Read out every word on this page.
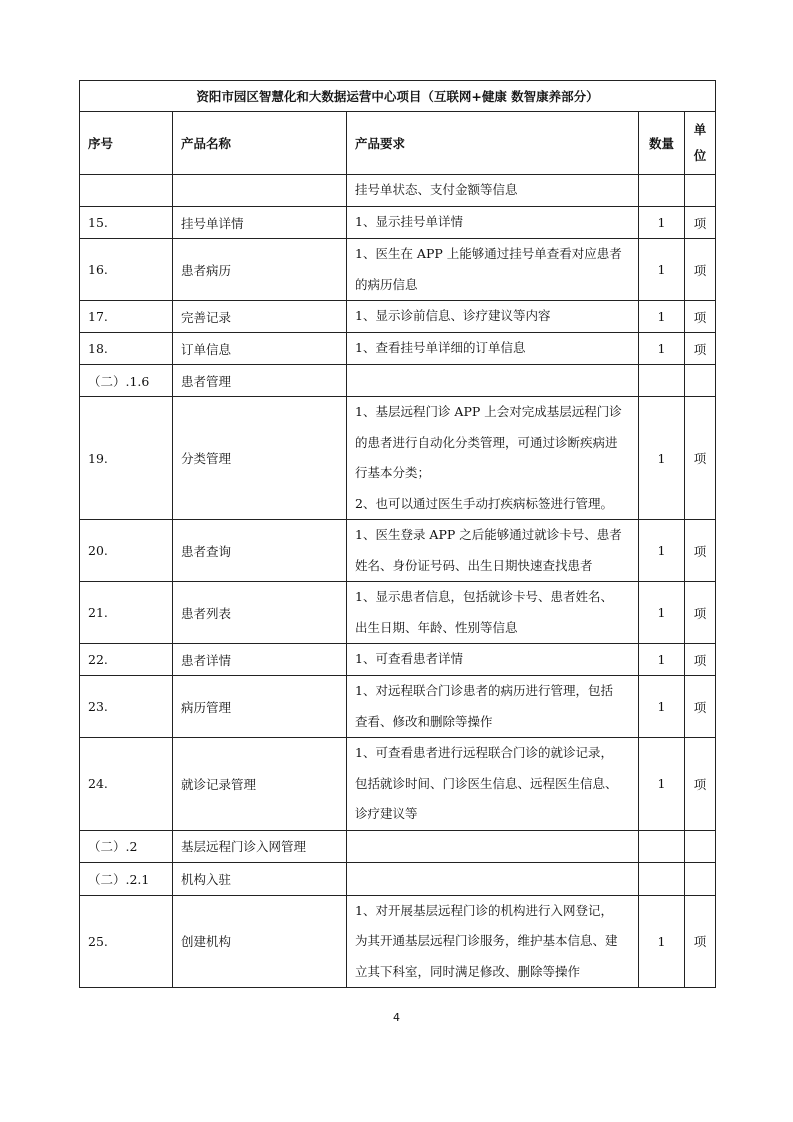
资阳市园区智慧化和大数据运营中心项目（互联网+健康 数智康养部分）				
序号	产品名称	产品要求	数量	单
位

		挂号单状态、支付金额等信息		

15.	挂号单详情	1、显示挂号单详情	1	项
16.	患者病历	1、医生在 APP 上能够通过挂号单查看对应患者
的病历信息	1	项
17.	完善记录	1、显示诊前信息、诊疗建议等内容	1	项
18.	订单信息	1、查看挂号单详细的订单信息	1	项
（二）.1.6	患者管理	

19.	分类管理	1、基层远程门诊 APP 上会对完成基层远程门诊
的患者进行自动化分类管理，可通过诊断疾病进
行基本分类；
2、也可以通过医生手动打疾病标签进行管理。	1	项
20.	患者查询	1、医生登录 APP 之后能够通过就诊卡号、患者
姓名、身份证号码、出生日期快速查找患者	1	项
21.	患者列表	1、显示患者信息，包括就诊卡号、患者姓名、
出生日期、年龄、性别等信息	1	项
22.	患者详情	1、可查看患者详情	1	项
23.	病历管理	1、对远程联合门诊患者的病历进行管理，包括
查看、修改和删除等操作	1	项
24.	就诊记录管理	1、可查看患者进行远程联合门诊的就诊记录，
包括就诊时间、门诊医生信息、远程医生信息、
诊疗建议等	1	项
（二）.2	基层远程门诊入网管理	

（二）.2.1	机构入驻	

25.	创建机构	1、对开展基层远程门诊的机构进行入网登记，
为其开通基层远程门诊服务，维护基本信息、建
立其下科室，同时满足修改、删除等操作	1	项
4
